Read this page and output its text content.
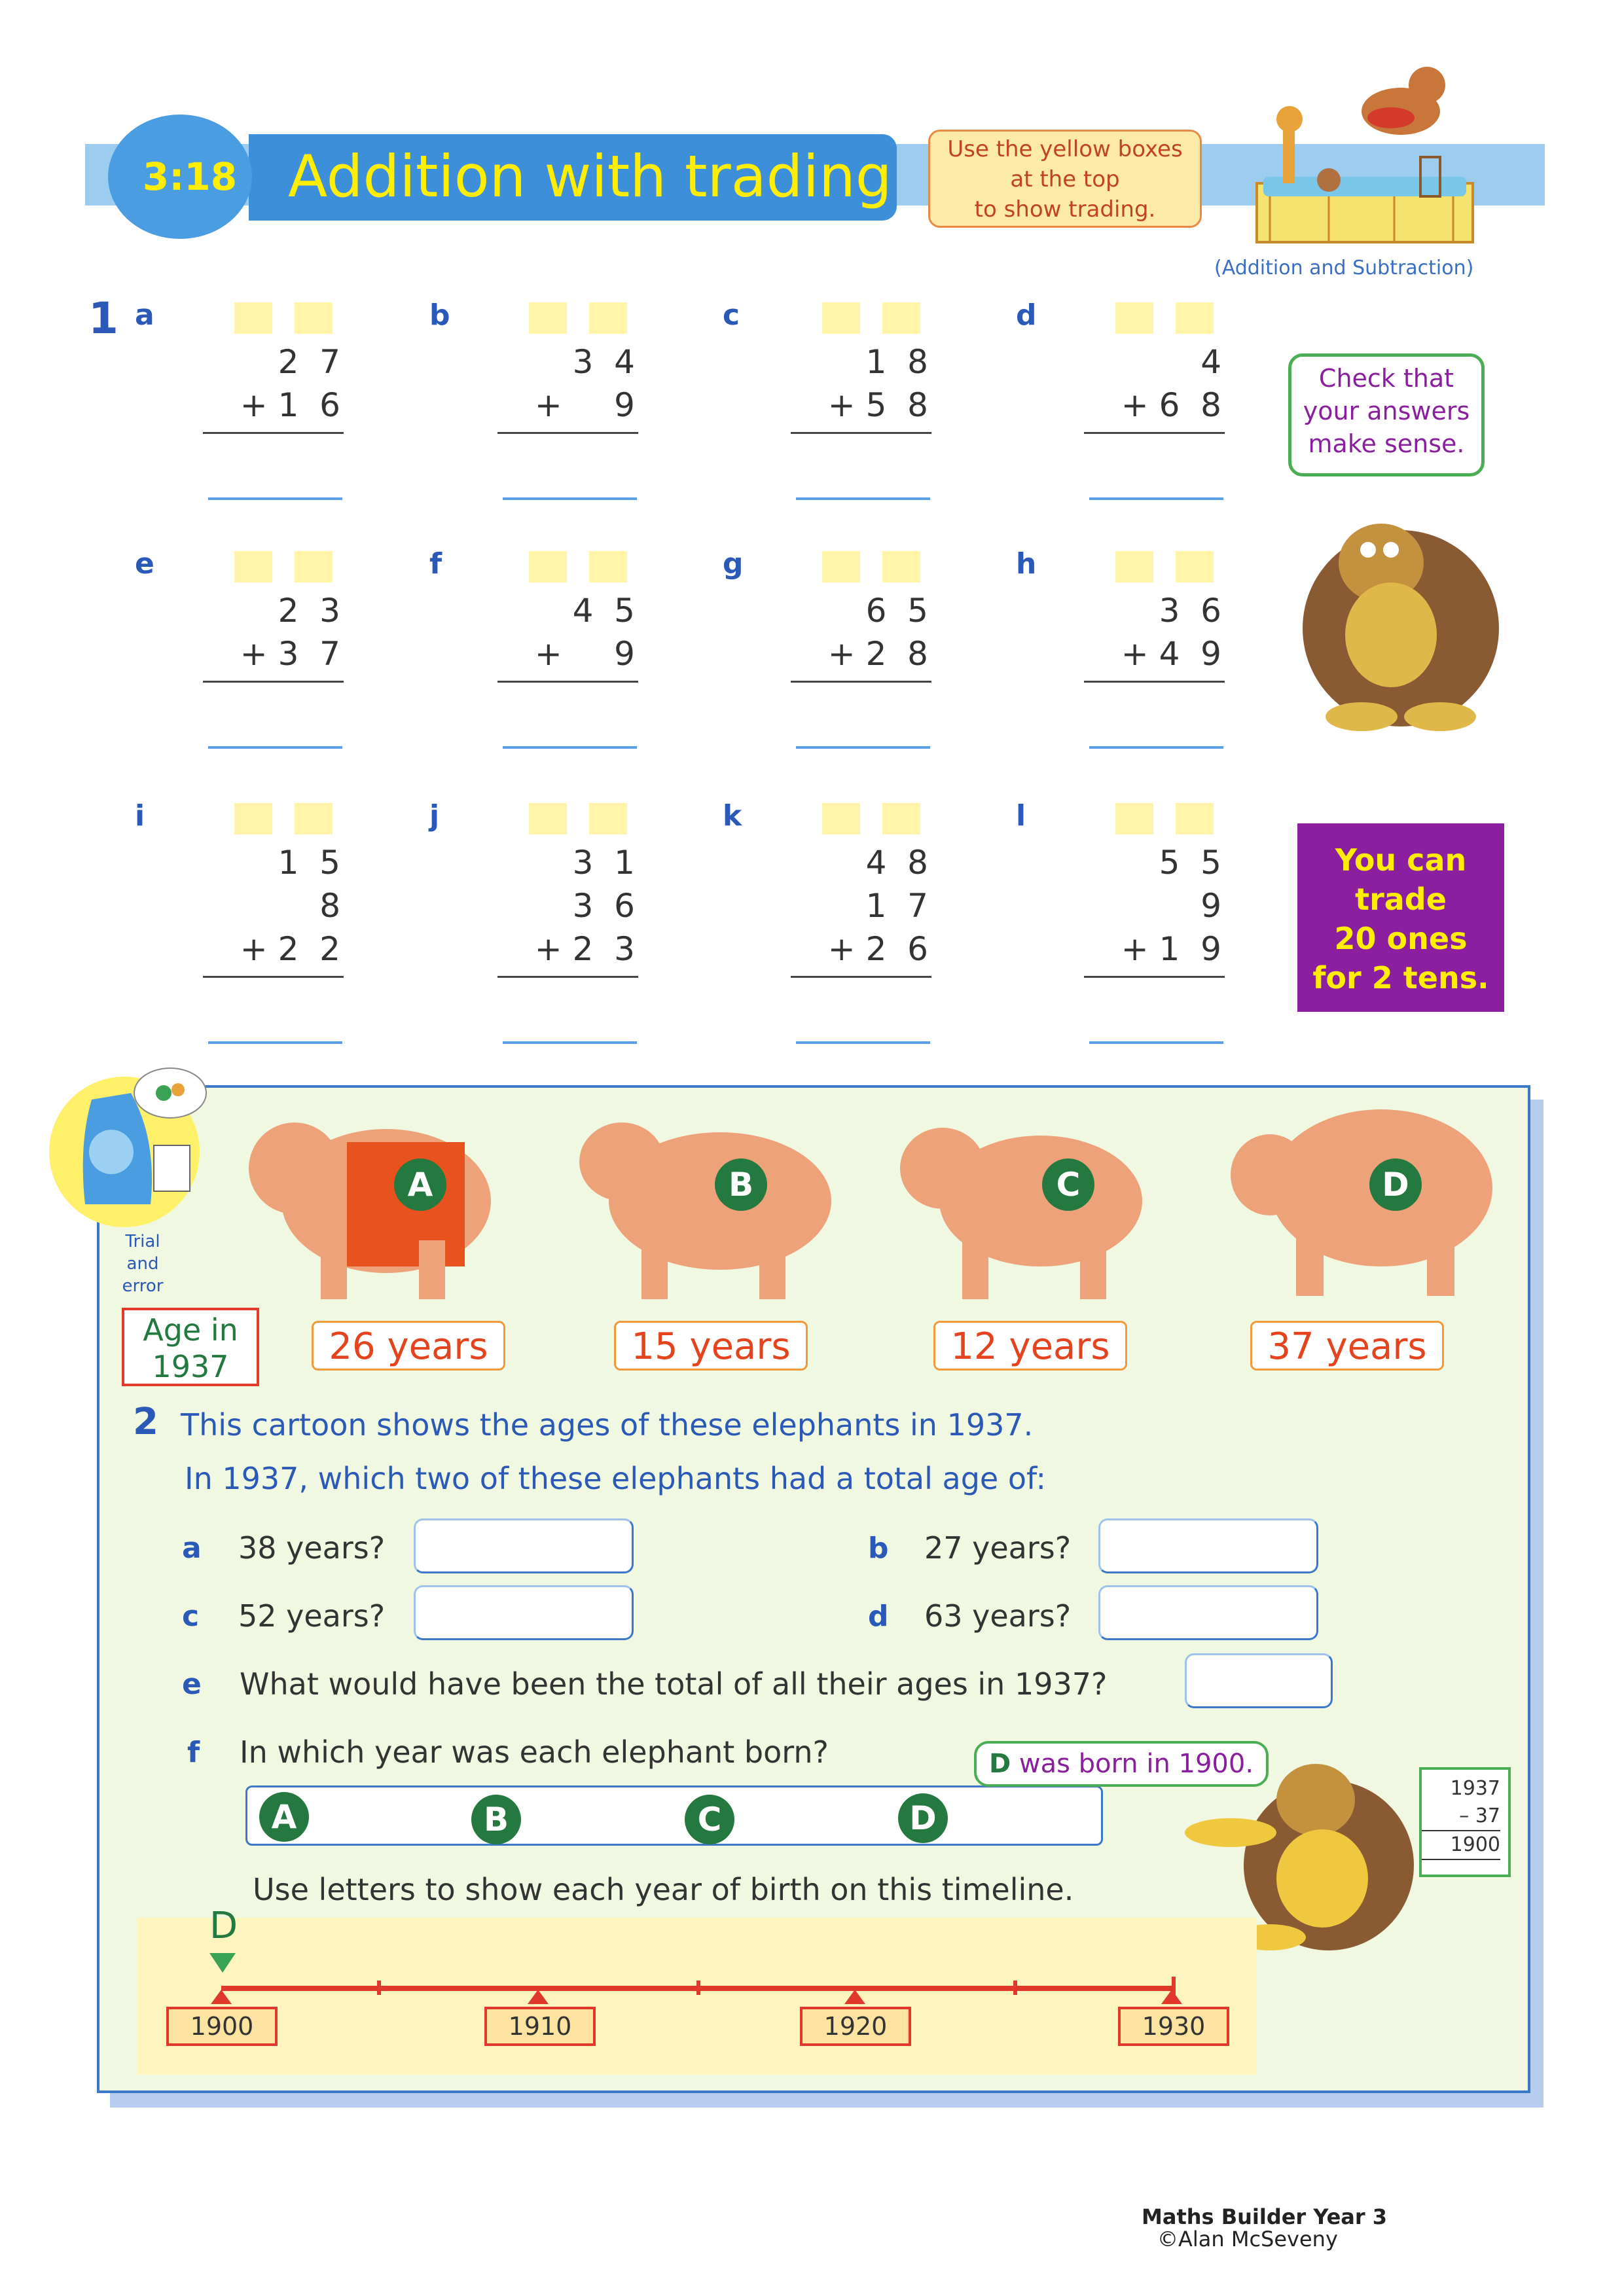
3:18 Addition with trading	Use the yellow boxes
at the top
to show trading.
(Addition and Subtraction)
1 a
2  7
+ 1  6
b
3  4
+     9
c
1  8
+ 5  8
d
4
+ 6  8
e
2  3
+ 3  7
f
4  5
+     9
g
6  5
+ 2  8
h
3  6
+ 4  9
i
1  5
8
+ 2  2
j
3  1
3  6
+ 2  3
k
4  8
1  7
+ 2  6
l
5  5
9
+ 1  9
Check that
your answers
make sense.
You can
trade
20 ones
for 2 tens.
Trial
and
error
A	B	C	D
Age in
1937	26 years	15 years	12 years	37 years
2 This cartoon shows the ages of these elephants in 1937.
In 1937, which two of these elephants had a total age of:
a 38 years?	b 27 years?
c 52 years?	d 63 years?
e What would have been the total of all their ages in 1937?
f In which year was each elephant born?
A	B	C	D
D was born in 1900.
1937
– 37
1900
Use letters to show each year of birth on this timeline.
D
1900	1910	1920	1930
Maths Builder Year 3
©Alan McSeveny
